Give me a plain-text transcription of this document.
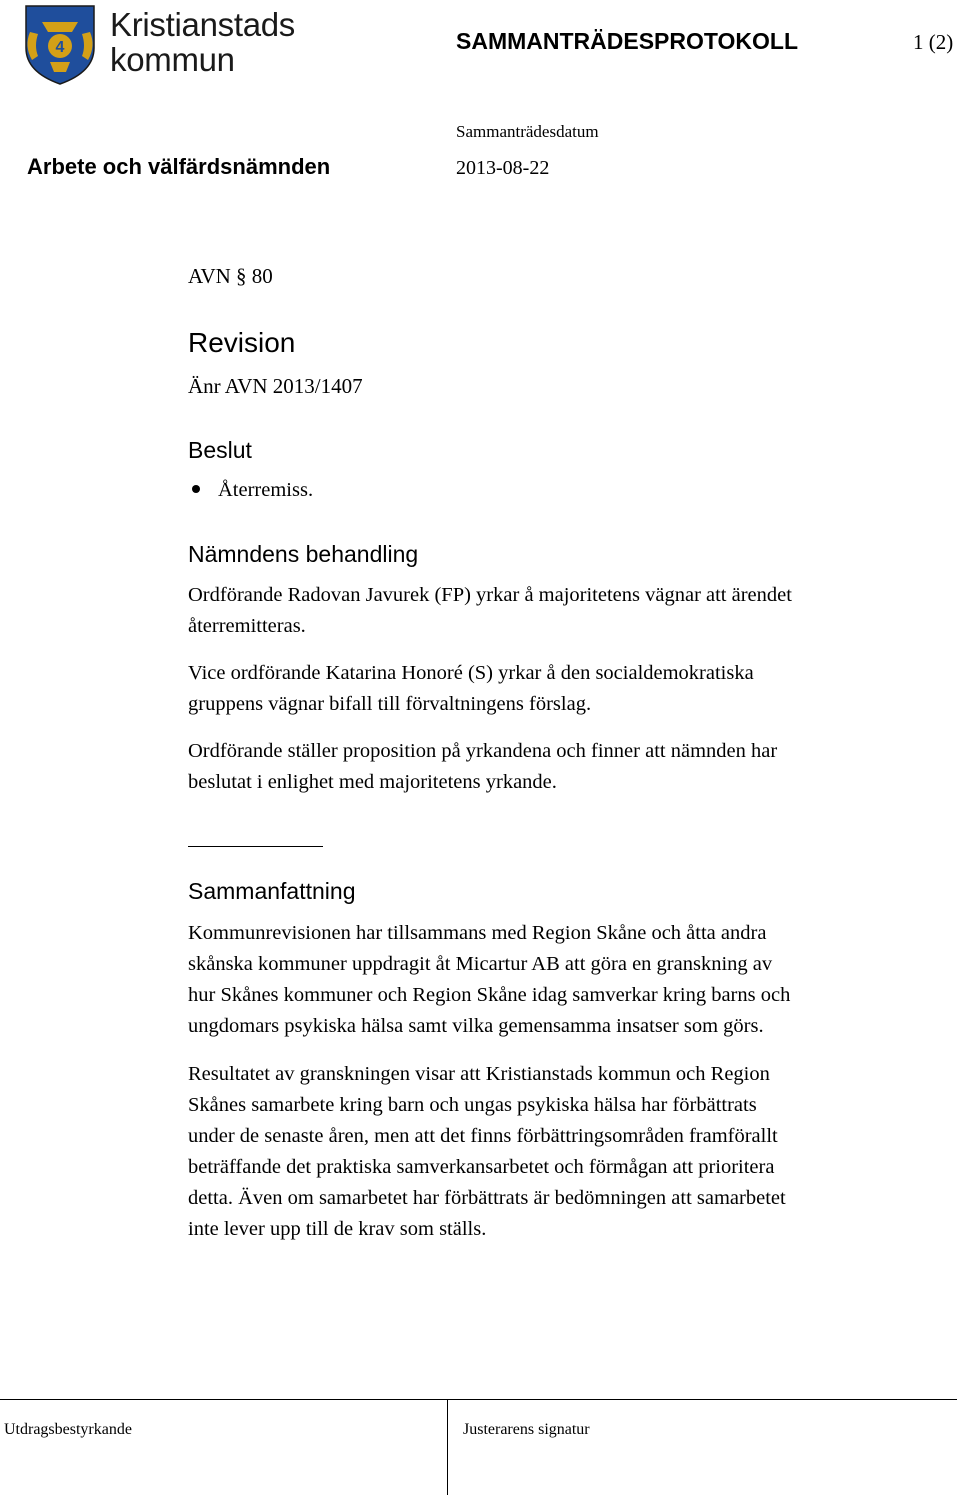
4
Kristianstads
kommun	SAMMANTRÄDESPROTOKOLL	1 (2)
Sammanträdesdatum
Arbete och välfärdsnämnden	2013-08-22
AVN § 80
Revision
Änr AVN 2013/1407
Beslut
Återremiss.
Nämndens behandling
Ordförande Radovan Javurek (FP) yrkar å majoritetens vägnar att ärendet
återremitteras.
Vice ordförande Katarina Honoré (S) yrkar å den socialdemokratiska
gruppens vägnar bifall till förvaltningens förslag.
Ordförande ställer proposition på yrkandena och finner att nämnden har
beslutat i enlighet med majoritetens yrkande.
Sammanfattning
Kommunrevisionen har tillsammans med Region Skåne och åtta andra
skånska kommuner uppdragit åt Micartur AB att göra en granskning av
hur Skånes kommuner och Region Skåne idag samverkar kring barns och
ungdomars psykiska hälsa samt vilka gemensamma insatser som görs.
Resultatet av granskningen visar att Kristianstads kommun och Region
Skånes samarbete kring barn och ungas psykiska hälsa har förbättrats
under de senaste åren, men att det finns förbättringsområden framförallt
beträffande det praktiska samverkansarbetet och förmågan att prioritera
detta. Även om samarbetet har förbättrats är bedömningen att samarbetet
inte lever upp till de krav som ställs.
Utdragsbestyrkande	Justerarens signatur
